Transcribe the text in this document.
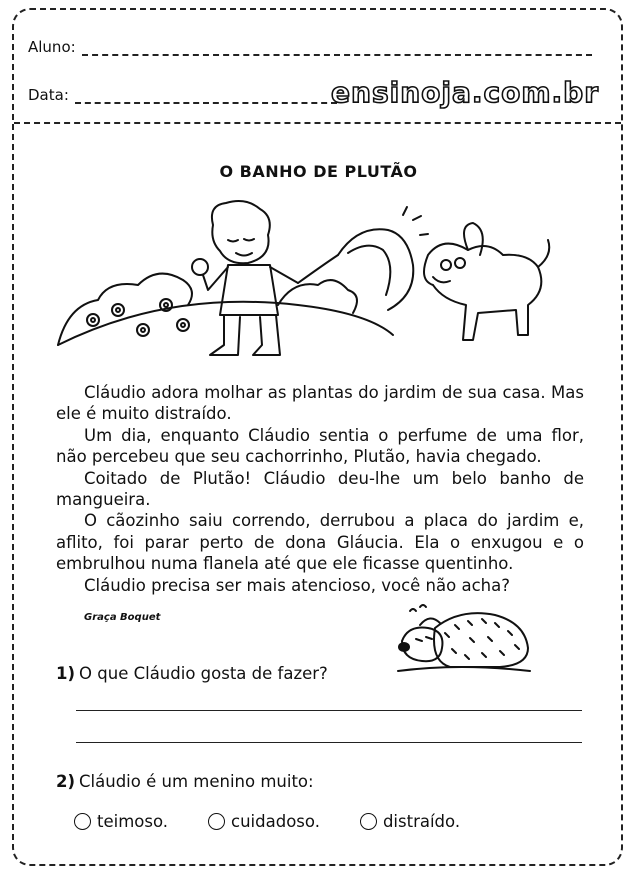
Aluno:
Data:	ensinoja.com.br
O BANHO DE PLUTÃO

Cláudio adora molhar as plantas do jardim de sua casa. Mas ele é muito distraído.

Um dia, enquanto Cláudio sentia o perfume de uma flor, não percebeu que seu cachorrinho, Plutão, havia chegado.

Coitado de Plutão! Cláudio deu-lhe um belo banho de mangueira.

O cãozinho saiu correndo, derrubou a placa do jardim e, aflito, foi parar perto de dona Gláucia. Ela o enxugou e o embrulhou numa flanela até que ele ficasse quentinho.

Cláudio precisa ser mais atencioso, você não acha?

Graça Boquet
1) O que Cláudio gosta de fazer?
2) Cláudio é um menino muito:
teimoso.	cuidadoso.	distraído.
